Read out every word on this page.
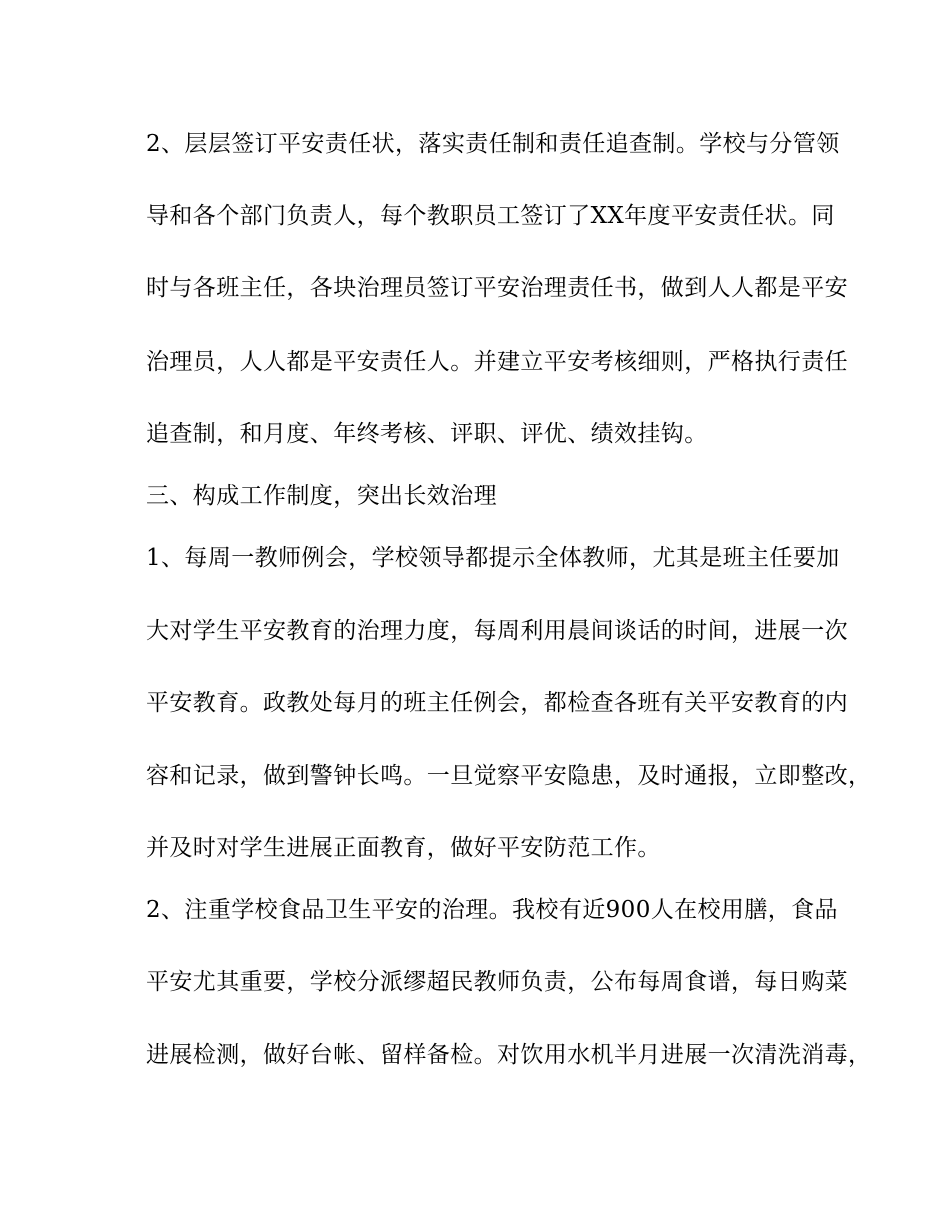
2、层层签订平安责任状，落实责任制和责任追查制。学校与分管领
导和各个部门负责人，每个教职员工签订了XX年度平安责任状。同
时与各班主任，各块治理员签订平安治理责任书，做到人人都是平安
治理员，人人都是平安责任人。并建立平安考核细则，严格执行责任
追查制，和月度、年终考核、评职、评优、绩效挂钩。
三、构成工作制度，突出长效治理
1、每周一教师例会，学校领导都提示全体教师，尤其是班主任要加
大对学生平安教育的治理力度，每周利用晨间谈话的时间，进展一次
平安教育。政教处每月的班主任例会，都检查各班有关平安教育的内
容和记录，做到警钟长鸣。一旦觉察平安隐患，及时通报，立即整改，
并及时对学生进展正面教育，做好平安防范工作。
2、注重学校食品卫生平安的治理。我校有近900人在校用膳，食品
平安尤其重要，学校分派缪超民教师负责，公布每周食谱，每日购菜
进展检测，做好台帐、留样备检。对饮用水机半月进展一次清洗消毒，
